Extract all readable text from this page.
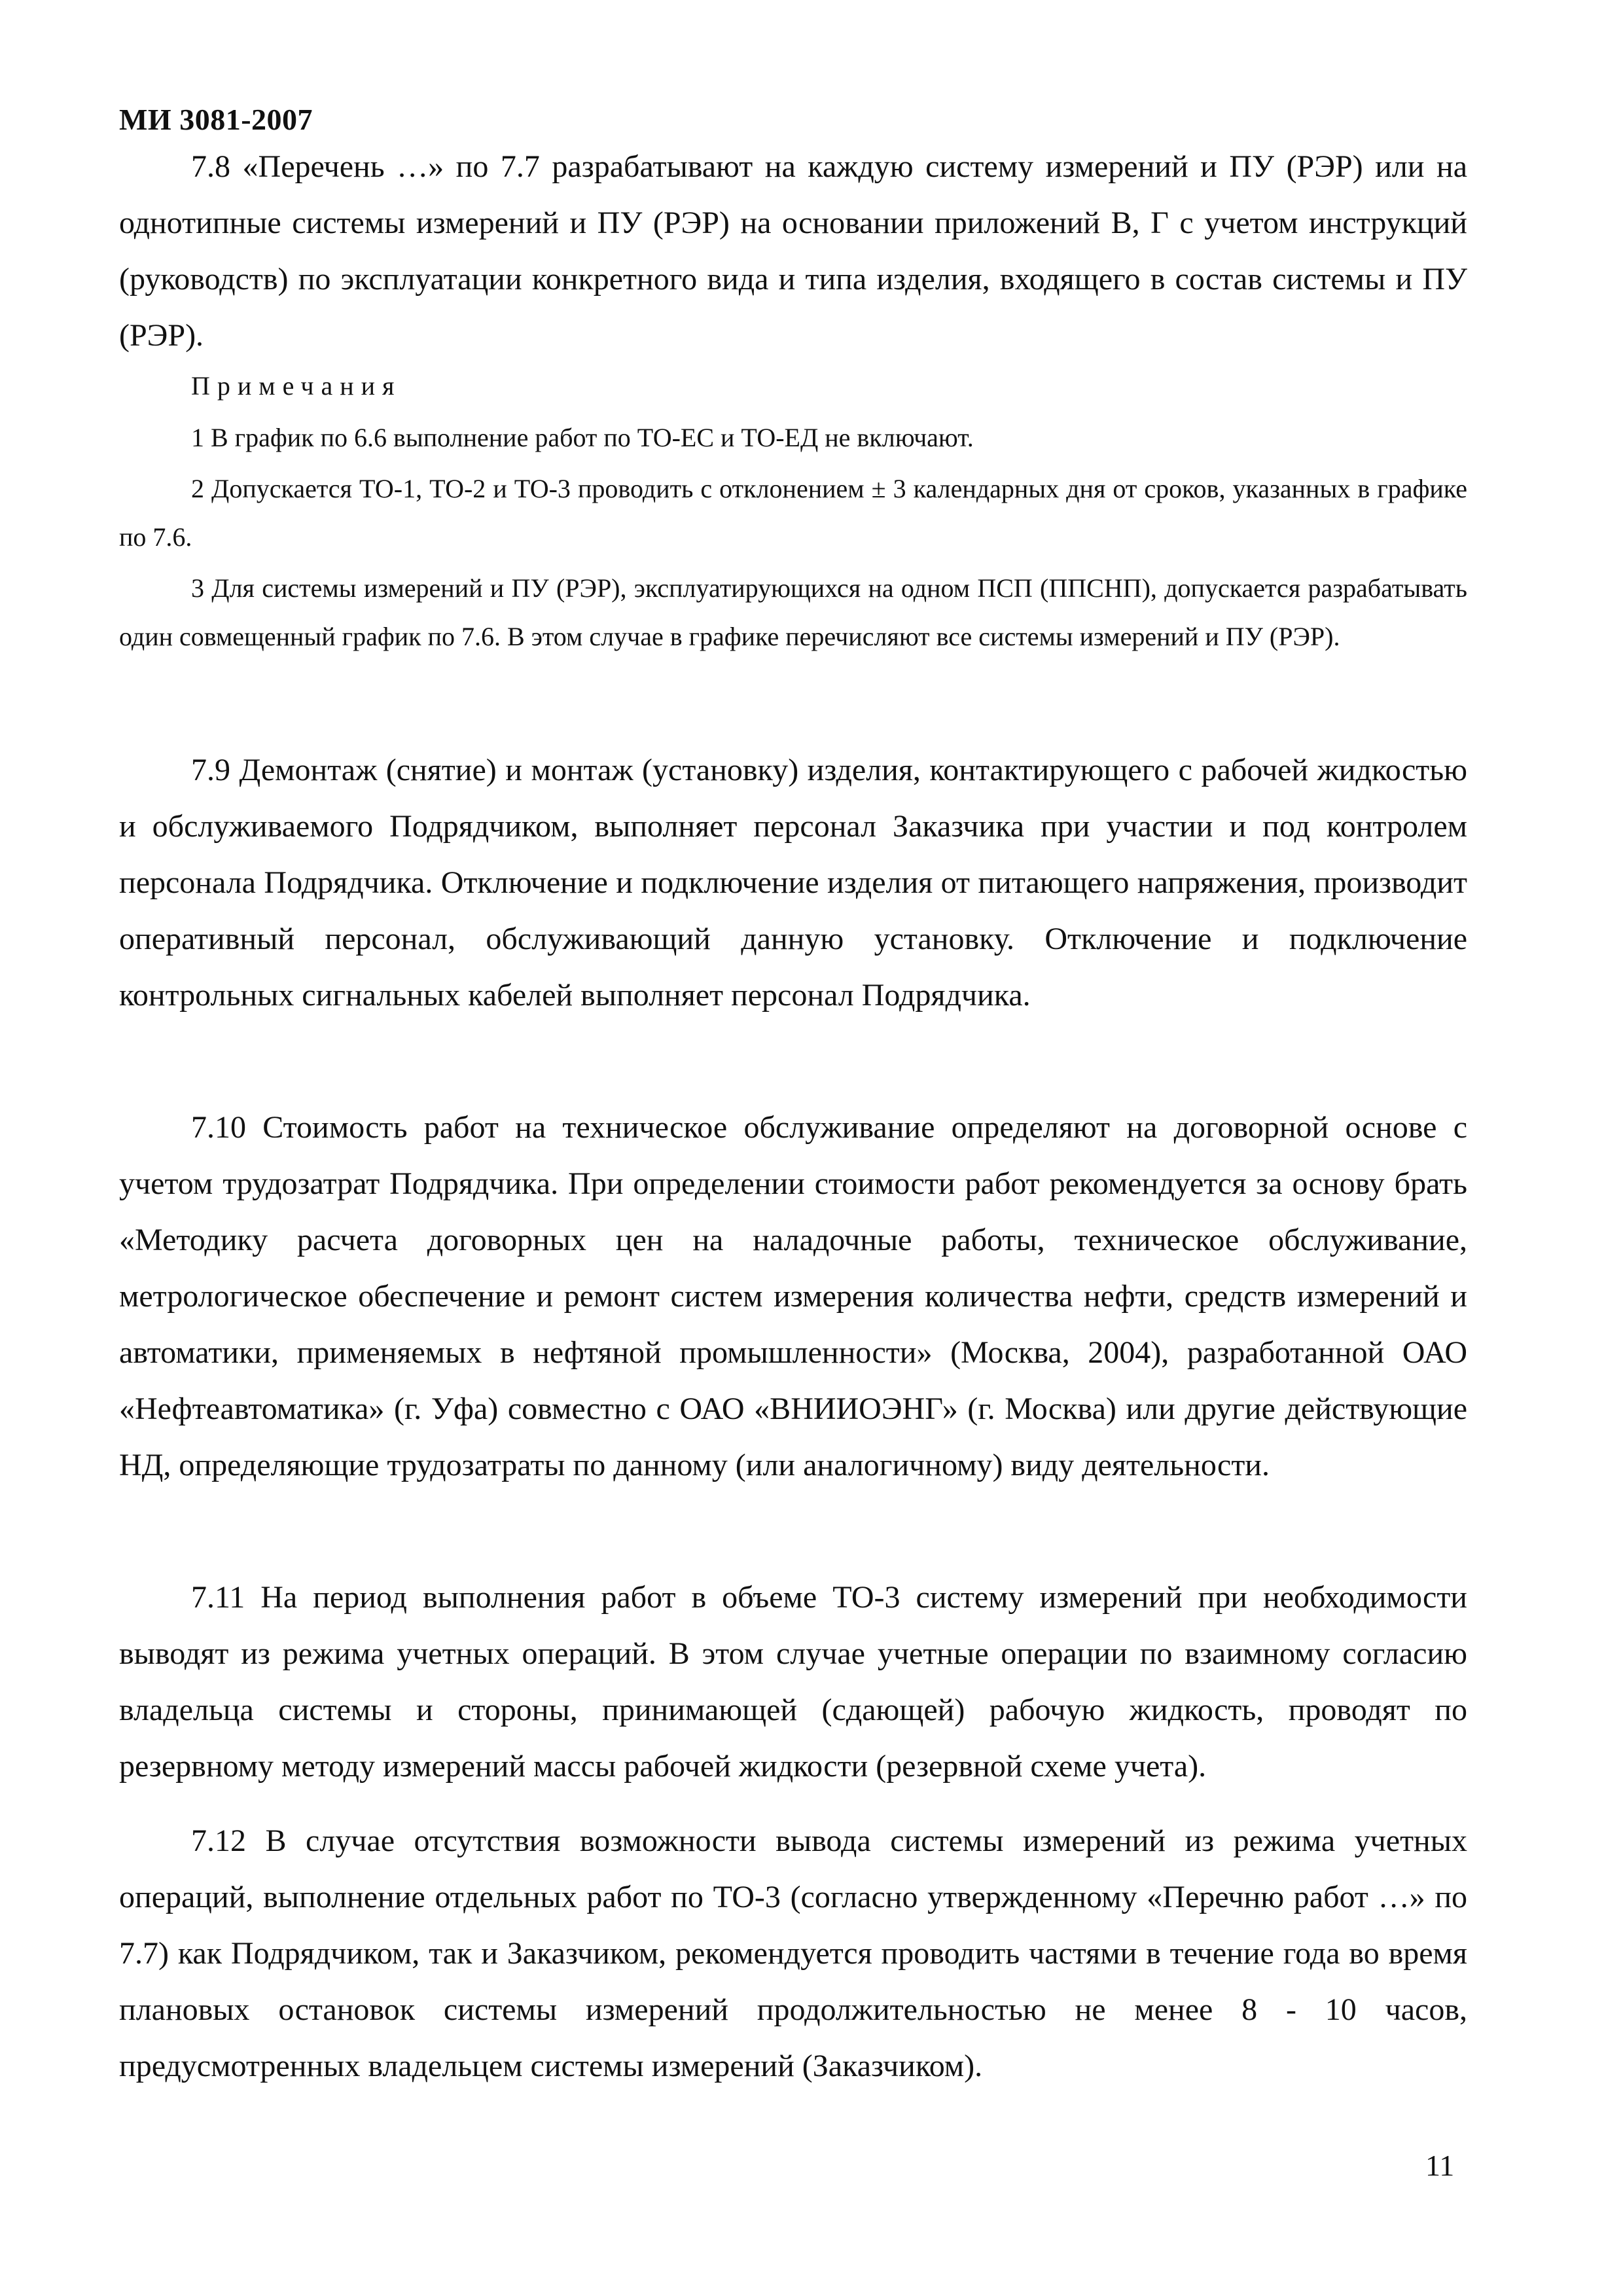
МИ 3081-2007

7.8 «Перечень …» по 7.7 разрабатывают на каждую систему измерений и ПУ (РЭР) или на однотипные системы измерений и ПУ (РЭР) на основании приложений В, Г с учетом инструкций (руководств) по эксплуатации конкретного вида и типа изделия, входящего в состав системы и ПУ (РЭР).

Примечания

1 В график по 6.6 выполнение работ по ТО-ЕС и ТО-ЕД не включают.

2 Допускается ТО-1, ТО-2 и ТО-3 проводить с отклонением ± 3 календарных дня от сроков, указанных в графике по 7.6.

3 Для системы измерений и ПУ (РЭР), эксплуатирующихся на одном ПСП (ППСНП), допускается разрабатывать один совмещенный график по 7.6. В этом случае в графике перечисляют все системы измерений и ПУ (РЭР).

7.9 Демонтаж (снятие) и монтаж (установку) изделия, контактирующего с рабочей жидкостью и обслуживаемого Подрядчиком, выполняет персонал Заказчика при участии и под контролем персонала Подрядчика. Отключение и подключение изделия от питающего напряжения, производит оперативный персонал, обслуживающий данную установку. Отключение и подключение контрольных сигнальных кабелей выполняет персонал Подрядчика.

7.10 Стоимость работ на техническое обслуживание определяют на договорной основе с учетом трудозатрат Подрядчика. При определении стоимости работ рекомендуется за основу брать «Методику расчета договорных цен на наладочные работы, техническое обслуживание, метрологическое обеспечение и ремонт систем измерения количества нефти, средств измерений и автоматики, применяемых в нефтяной промышленности» (Москва, 2004), разработанной ОАО «Нефтеавтоматика» (г. Уфа) совместно с ОАО «ВНИИОЭНГ» (г. Москва) или другие действующие НД, определяющие трудозатраты по данному (или аналогичному) виду деятельности.

7.11 На период выполнения работ в объеме ТО-3 систему измерений при необходимости выводят из режима учетных операций. В этом случае учетные операции по взаимному согласию владельца системы и стороны, принимающей (сдающей) рабочую жидкость, проводят по резервному методу измерений массы рабочей жидкости (резервной схеме учета).

7.12 В случае отсутствия возможности вывода системы измерений из режима учетных операций, выполнение отдельных работ по ТО-3 (согласно утвержденному «Перечню работ …» по 7.7) как Подрядчиком, так и Заказчиком, рекомендуется проводить частями в течение года во время плановых остановок системы измерений продолжительностью не менее 8 - 10 часов, предусмотренных владельцем системы измерений (Заказчиком).

11
